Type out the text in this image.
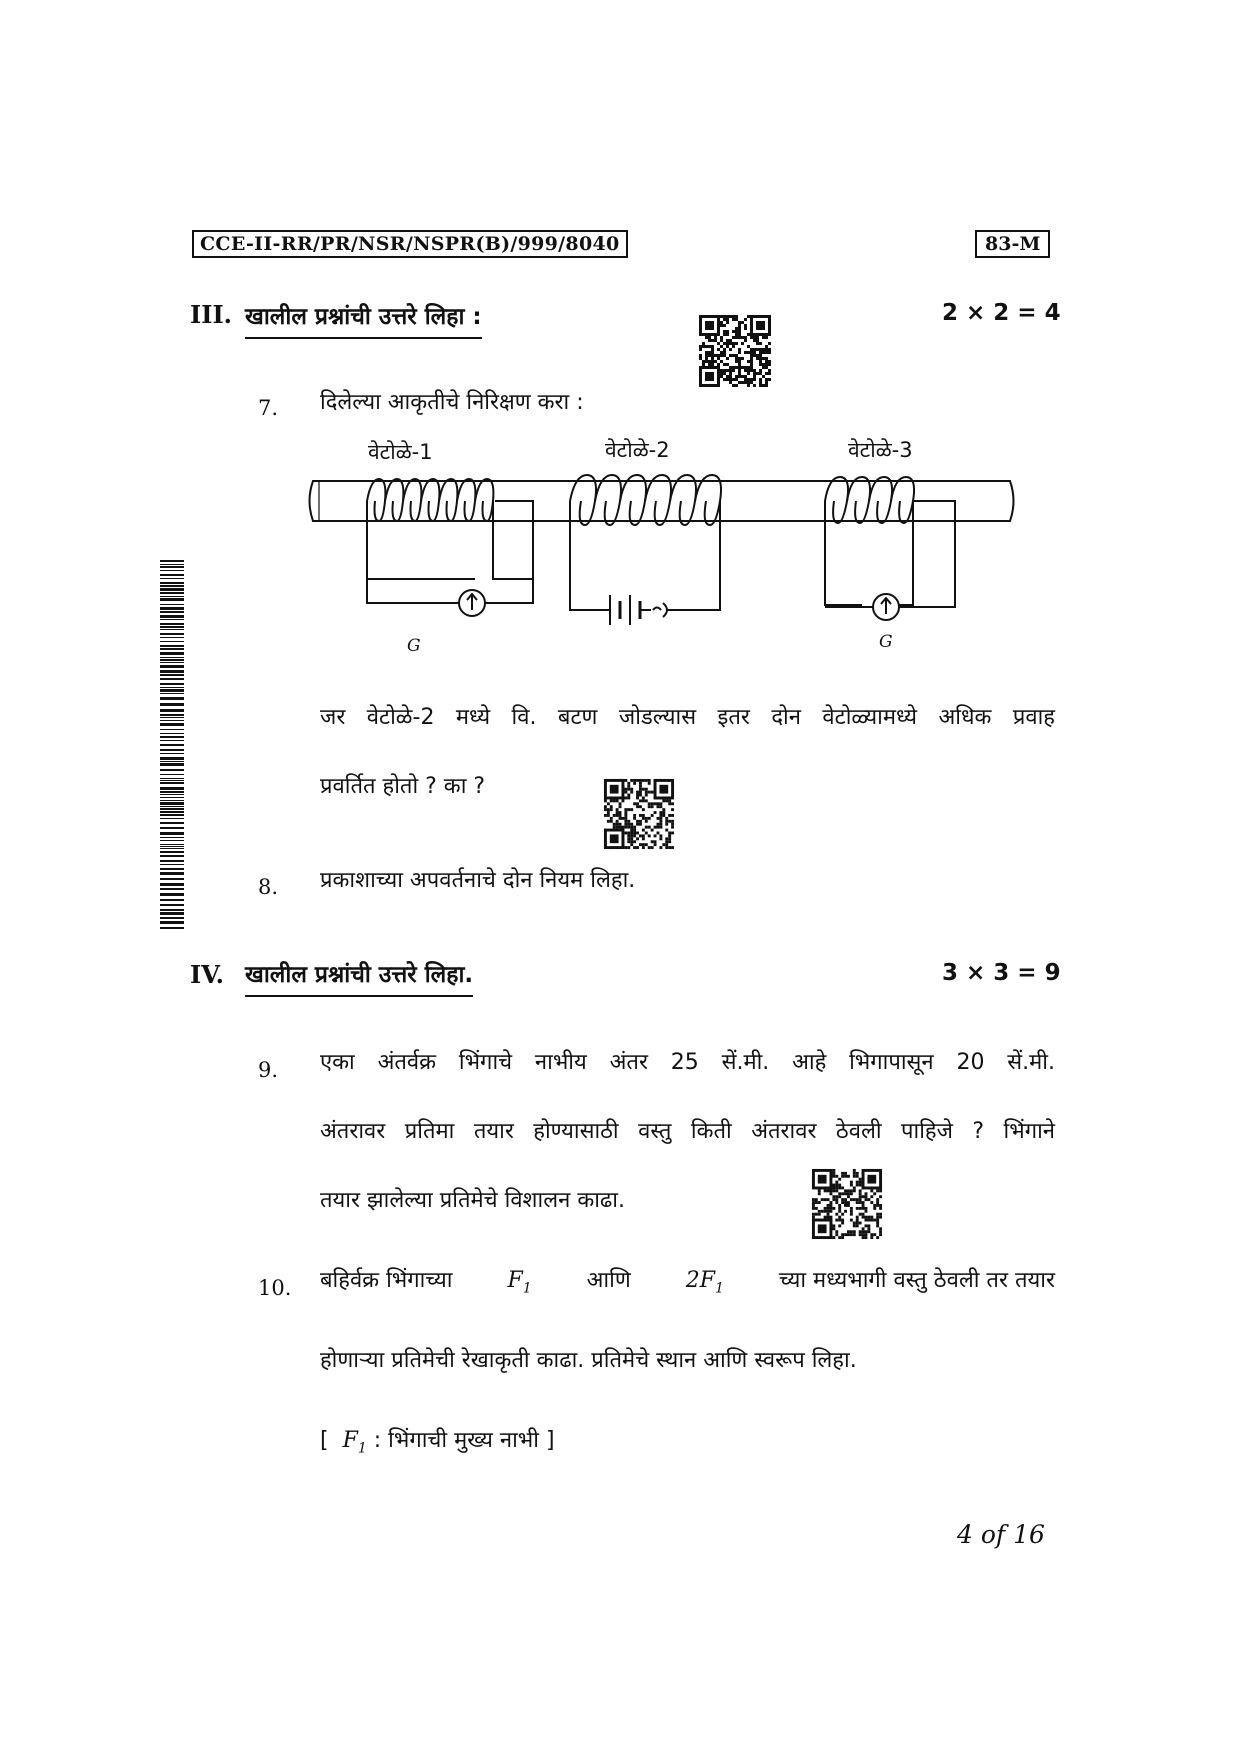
CCE-II-RR/PR/NSR/NSPR(B)/999/8040	83-M
III. खालील प्रश्नांची उत्तरे लिहा :	2 × 2 = 4
7. दिलेल्या आकृतीचे निरिक्षण करा :
वेटोळे-1	वेटोळे-2	वेटोळे-3
G	G
जर वेटोळे-2 मध्ये वि. बटण जोडल्यास इतर दोन वेटोळ्यामध्ये अधिक प्रवाह
प्रवर्तित होतो ? का ?
8. प्रकाशाच्या अपवर्तनाचे दोन नियम लिहा.
IV. खालील प्रश्नांची उत्तरे लिहा.	3 × 3 = 9
9. एका अंतर्वक्र भिंगाचे नाभीय अंतर 25 सें.मी. आहे भिगापासून 20 सें.मी.
अंतरावर प्रतिमा तयार होण्यासाठी वस्तु किती अंतरावर ठेवली पाहिजे ? भिंगाने
तयार झालेल्या प्रतिमेचे विशालन काढा.
10. बहिर्वक्र भिंगाच्या $F_1$ आणि $2F_1$ च्या मध्यभागी वस्तु ठेवली तर तयार
होणाऱ्या प्रतिमेची रेखाकृती काढा. प्रतिमेचे स्थान आणि स्वरूप लिहा.
[ $F_1$ : भिंगाची मुख्य नाभी ]
4 of 16
